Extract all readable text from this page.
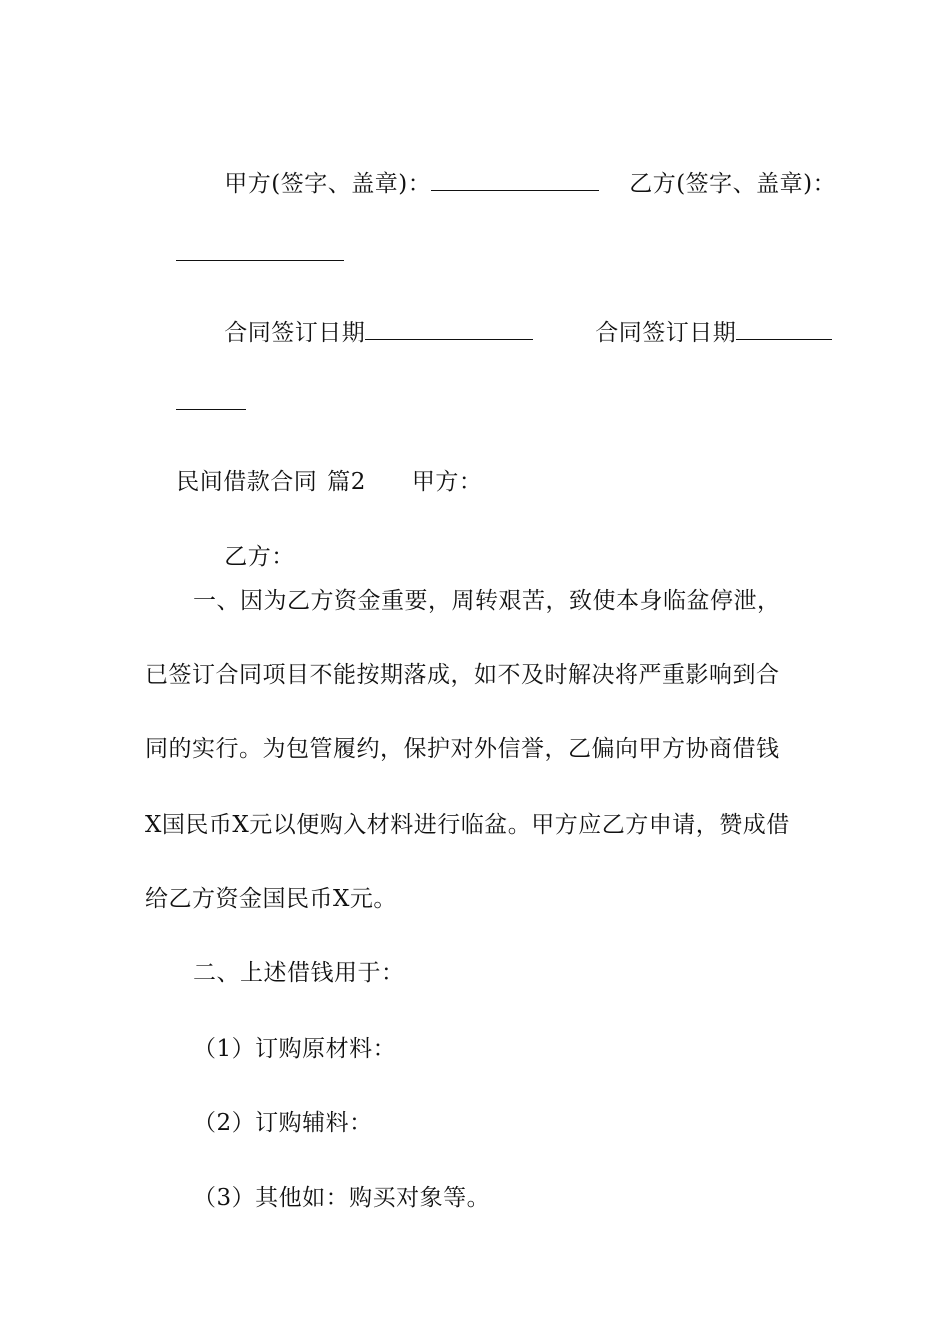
甲方(签字、盖章)：	乙方(签字、盖章)：

合同签订日期	合同签订日期

民间借款合同 篇2 甲方：

乙方：

一、因为乙方资金重要，周转艰苦，致使本身临盆停泄，
已签订合同项目不能按期落成，如不及时解决将严重影响到合
同的实行。为包管履约，保护对外信誉，乙偏向甲方协商借钱
X国民币X元以便购入材料进行临盆。甲方应乙方申请，赞成借
给乙方资金国民币X元。
二、上述借钱用于：
（1）订购原材料：
（2）订购辅料：
（3）其他如：购买对象等。
